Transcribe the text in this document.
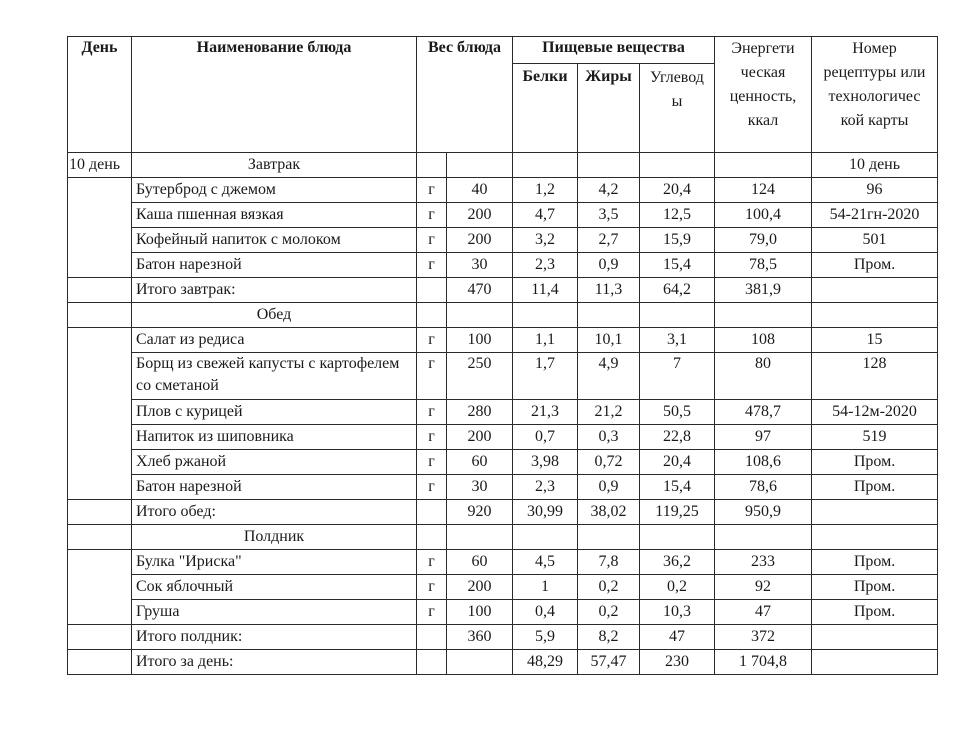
День	Наименование блюда	Вес блюда		Пищевые вещества			Энергети ческая ценность, ккал	Номер рецептуры или технологичес кой карты
				Белки	Жиры	Углевод ы		
10 день	Завтрак							10 день
	Бутерброд с джемом	г	40	1,2	4,2	20,4	124	96
	Каша пшенная вязкая	г	200	4,7	3,5	12,5	100,4	54-21гн-2020
	Кофейный напиток с молоком	г	200	3,2	2,7	15,9	79,0	501
	Батон нарезной	г	30	2,3	0,9	15,4	78,5	Пром.
	Итого завтрак:		470	11,4	11,3	64,2	381,9	
	Обед							
	Салат из редиса	г	100	1,1	10,1	3,1	108	15
	Борщ из свежей капусты с картофелем со сметаной	г	250	1,7	4,9	7	80	128
	Плов с курицей	г	280	21,3	21,2	50,5	478,7	54-12м-2020
	Напиток из шиповника	г	200	0,7	0,3	22,8	97	519
	Хлеб ржаной	г	60	3,98	0,72	20,4	108,6	Пром.
	Батон нарезной	г	30	2,3	0,9	15,4	78,6	Пром.
	Итого обед:		920	30,99	38,02	119,25	950,9	
	Полдник							
	Булка "Ириска"	г	60	4,5	7,8	36,2	233	Пром.
	Сок яблочный	г	200	1	0,2	0,2	92	Пром.
	Груша	г	100	0,4	0,2	10,3	47	Пром.
	Итого полдник:		360	5,9	8,2	47	372	
	Итого за день:			48,29	57,47	230	1 704,8	
